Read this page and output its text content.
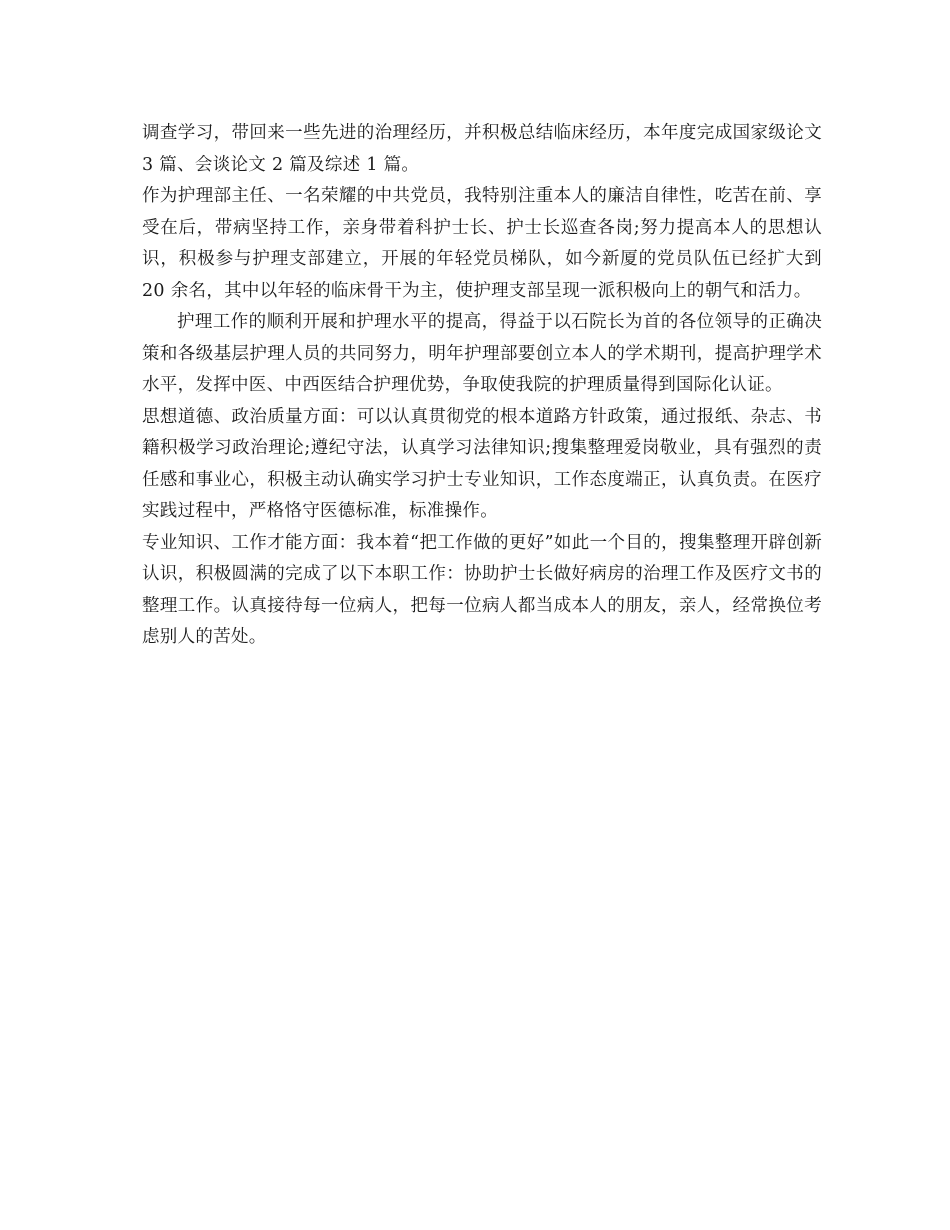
调查学习，带回来一些先进的治理经历，并积极总结临床经历，本年度完成国家级论文 3 篇、会谈论文 2 篇及综述 1 篇。

作为护理部主任、一名荣耀的中共党员，我特别注重本人的廉洁自律性，吃苦在前、享受在后，带病坚持工作，亲身带着科护士长、护士长巡查各岗;努力提高本人的思想认识，积极参与护理支部建立，开展的年轻党员梯队，如今新厦的党员队伍已经扩大到 20 余名，其中以年轻的临床骨干为主，使护理支部呈现一派积极向上的朝气和活力。

护理工作的顺利开展和护理水平的提高，得益于以石院长为首的各位领导的正确决策和各级基层护理人员的共同努力，明年护理部要创立本人的学术期刊，提高护理学术水平，发挥中医、中西医结合护理优势，争取使我院的护理质量得到国际化认证。

思想道德、政治质量方面：可以认真贯彻党的根本道路方针政策，通过报纸、杂志、书籍积极学习政治理论;遵纪守法，认真学习法律知识;搜集整理爱岗敬业，具有强烈的责任感和事业心，积极主动认确实学习护士专业知识，工作态度端正，认真负责。在医疗实践过程中，严格恪守医德标准，标准操作。

专业知识、工作才能方面：我本着“把工作做的更好”如此一个目的，搜集整理开辟创新认识，积极圆满的完成了以下本职工作：协助护士长做好病房的治理工作及医疗文书的整理工作。认真接待每一位病人，把每一位病人都当成本人的朋友，亲人，经常换位考虑别人的苦处。
